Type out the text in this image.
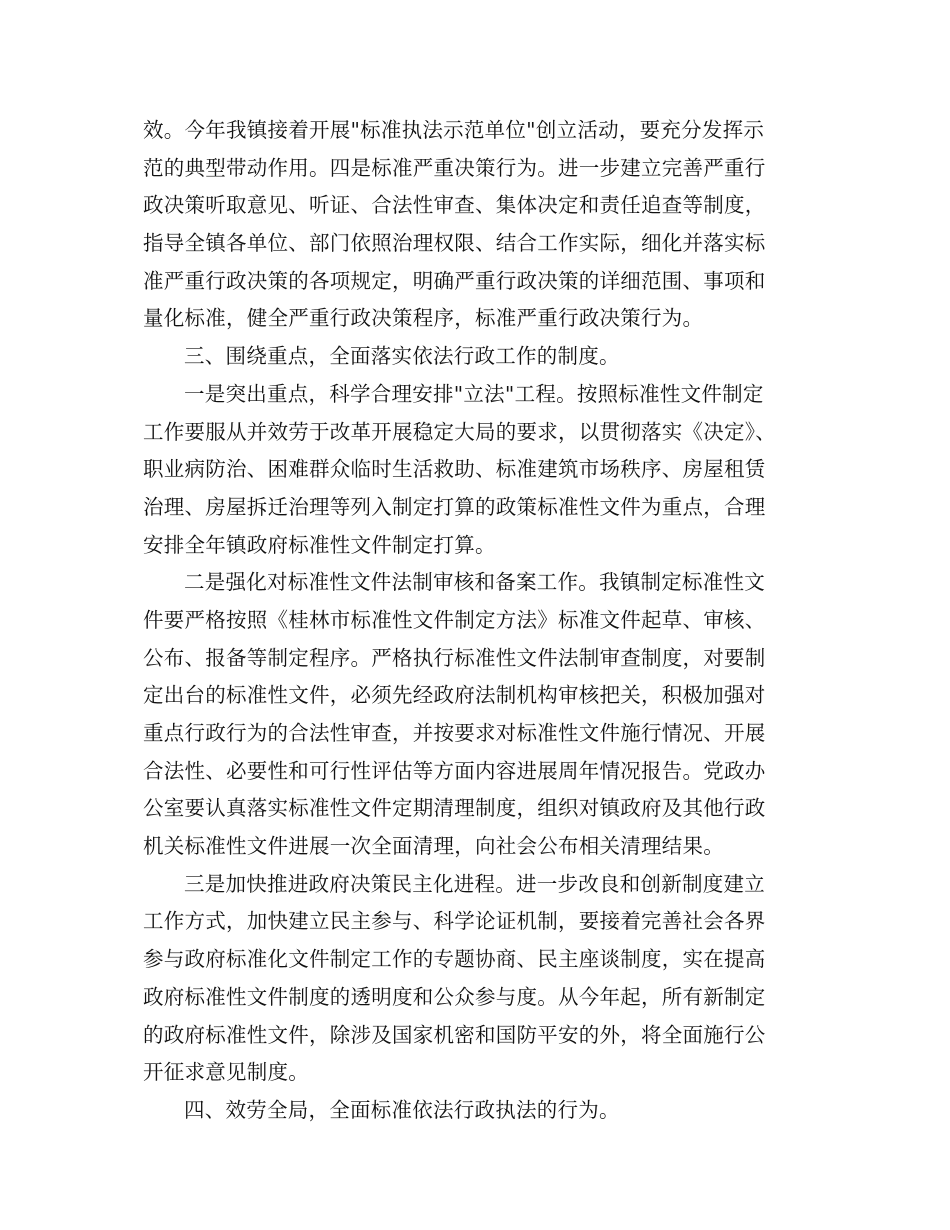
效。今年我镇接着开展"标准执法示范单位"创立活动，要充分发挥示
范的典型带动作用。四是标准严重决策行为。进一步建立完善严重行
政决策听取意见、听证、合法性审查、集体决定和责任追查等制度，
指导全镇各单位、部门依照治理权限、结合工作实际，细化并落实标
准严重行政决策的各项规定，明确严重行政决策的详细范围、事项和
量化标准，健全严重行政决策程序，标准严重行政决策行为。
三、围绕重点，全面落实依法行政工作的制度。
一是突出重点，科学合理安排"立法"工程。按照标准性文件制定
工作要服从并效劳于改革开展稳定大局的要求，以贯彻落实《决定》、
职业病防治、困难群众临时生活救助、标准建筑市场秩序、房屋租赁
治理、房屋拆迁治理等列入制定打算的政策标准性文件为重点，合理
安排全年镇政府标准性文件制定打算。
二是强化对标准性文件法制审核和备案工作。我镇制定标准性文
件要严格按照《桂林市标准性文件制定方法》标准文件起草、审核、
公布、报备等制定程序。严格执行标准性文件法制审查制度，对要制
定出台的标准性文件，必须先经政府法制机构审核把关，积极加强对
重点行政行为的合法性审查，并按要求对标准性文件施行情况、开展
合法性、必要性和可行性评估等方面内容进展周年情况报告。党政办
公室要认真落实标准性文件定期清理制度，组织对镇政府及其他行政
机关标准性文件进展一次全面清理，向社会公布相关清理结果。
三是加快推进政府决策民主化进程。进一步改良和创新制度建立
工作方式，加快建立民主参与、科学论证机制，要接着完善社会各界
参与政府标准化文件制定工作的专题协商、民主座谈制度，实在提高
政府标准性文件制度的透明度和公众参与度。从今年起，所有新制定
的政府标准性文件，除涉及国家机密和国防平安的外，将全面施行公
开征求意见制度。
四、效劳全局，全面标准依法行政执法的行为。
